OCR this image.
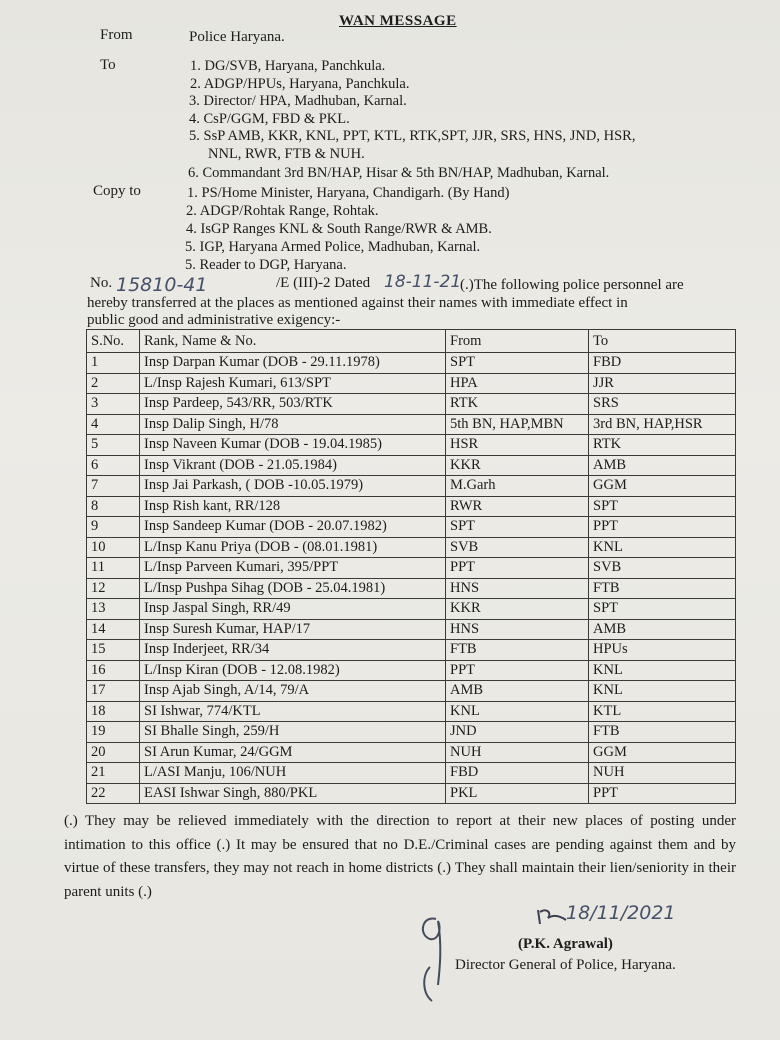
WAN MESSAGE
From	Police Haryana.
To	1. DG/SVB, Haryana, Panchkula.
2. ADGP/HPUs, Haryana, Panchkula.
3. Director/ HPA, Madhuban, Karnal.
4. CsP/GGM, FBD & PKL.
5. SsP AMB, KKR, KNL, PPT, KTL, RTK,SPT, JJR, SRS, HNS, JND, HSR,
NNL, RWR, FTB & NUH.
6. Commandant 3rd BN/HAP, Hisar & 5th BN/HAP, Madhuban, Karnal.
Copy to	1. PS/Home Minister, Haryana, Chandigarh. (By Hand)
2. ADGP/Rohtak Range, Rohtak.
4. IsGP Ranges KNL & South Range/RWR & AMB.
5. IGP, Haryana Armed Police, Madhuban, Karnal.
5. Reader to DGP, Haryana.
No. 15810-41	/E (III)-2 Dated 18-11-21
(.)The following police personnel are
hereby transferred at the places as mentioned against their names with immediate effect in
public good and administrative exigency:-
S.No.	Rank, Name & No.	From	To
1	Insp Darpan Kumar (DOB - 29.11.1978)	SPT	FBD
2	L/Insp Rajesh Kumari, 613/SPT	HPA	JJR
3	Insp Pardeep, 543/RR, 503/RTK	RTK	SRS
4	Insp Dalip Singh, H/78	5th BN, HAP,MBN	3rd BN, HAP,HSR
5	Insp Naveen Kumar (DOB - 19.04.1985)	HSR	RTK
6	Insp Vikrant (DOB - 21.05.1984)	KKR	AMB
7	Insp Jai Parkash, ( DOB -10.05.1979)	M.Garh	GGM
8	Insp Rish kant, RR/128	RWR	SPT
9	Insp Sandeep Kumar (DOB - 20.07.1982)	SPT	PPT
10	L/Insp Kanu Priya (DOB - (08.01.1981)	SVB	KNL
11	L/Insp Parveen Kumari, 395/PPT	PPT	SVB
12	L/Insp Pushpa Sihag (DOB - 25.04.1981)	HNS	FTB
13	Insp Jaspal Singh, RR/49	KKR	SPT
14	Insp Suresh Kumar, HAP/17	HNS	AMB
15	Insp Inderjeet, RR/34	FTB	HPUs
16	L/Insp Kiran (DOB - 12.08.1982)	PPT	KNL
17	Insp Ajab Singh, A/14, 79/A	AMB	KNL
18	SI Ishwar, 774/KTL	KNL	KTL
19	SI Bhalle Singh, 259/H	JND	FTB
20	SI Arun Kumar, 24/GGM	NUH	GGM
21	L/ASI Manju, 106/NUH	FBD	NUH
22	EASI Ishwar Singh, 880/PKL	PKL	PPT
(.) They may be relieved immediately with the direction to report at their new places of posting under intimation to this office (.) It may be ensured that no D.E./Criminal cases are pending against them and by virtue of these transfers, they may not reach in home districts (.) They shall maintain their lien/seniority in their parent units (.)
18/11/2021
(P.K. Agrawal)
Director General of Police, Haryana.
